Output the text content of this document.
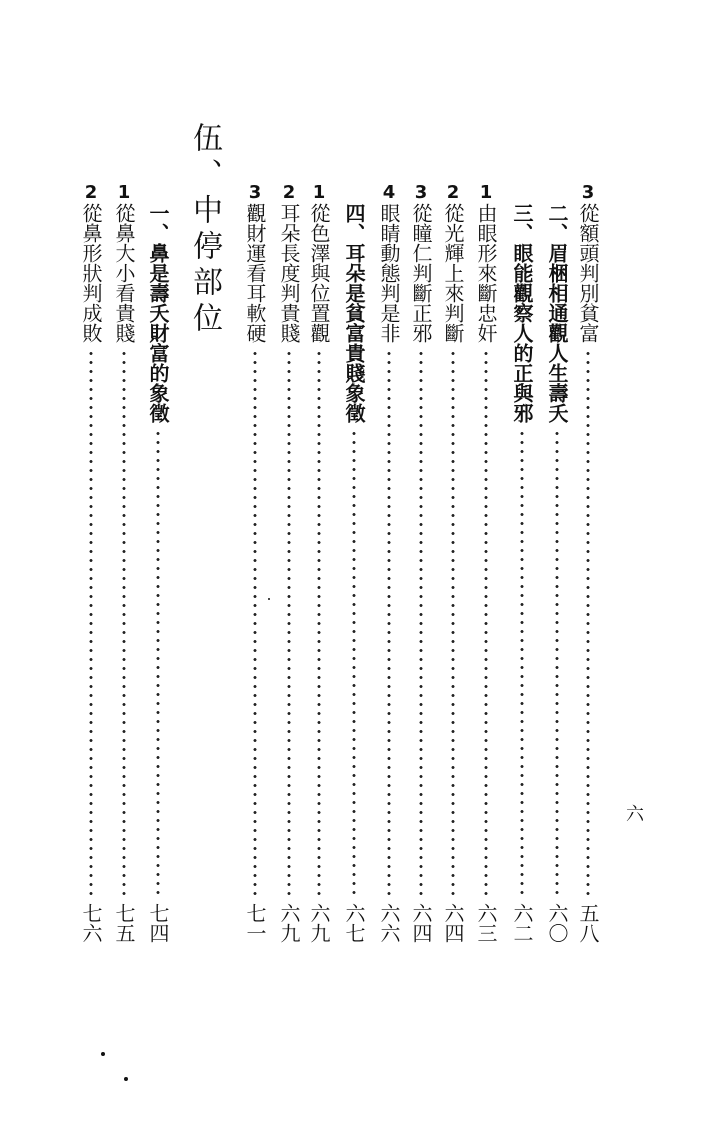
伍、中停部位	3
從額頭判別貧富
五八
二、眉梱相通觀人生壽夭
六〇
三、眼能觀察人的正與邪
六二
1
由眼形來斷忠奸
六三
2
從光輝上來判斷
六四
3
從瞳仁判斷正邪
六四
4
眼睛動態判是非
六六
四、耳朵是貧富貴賤象徵
六七
1
從色澤與位置觀
六九
2
耳朵長度判貴賤
六九
3
觀財運看耳軟硬
七一
一、鼻是壽夭財富的象徵
七四
1
從鼻大小看貴賤
七五
2
從鼻形狀判成敗
七六
六
